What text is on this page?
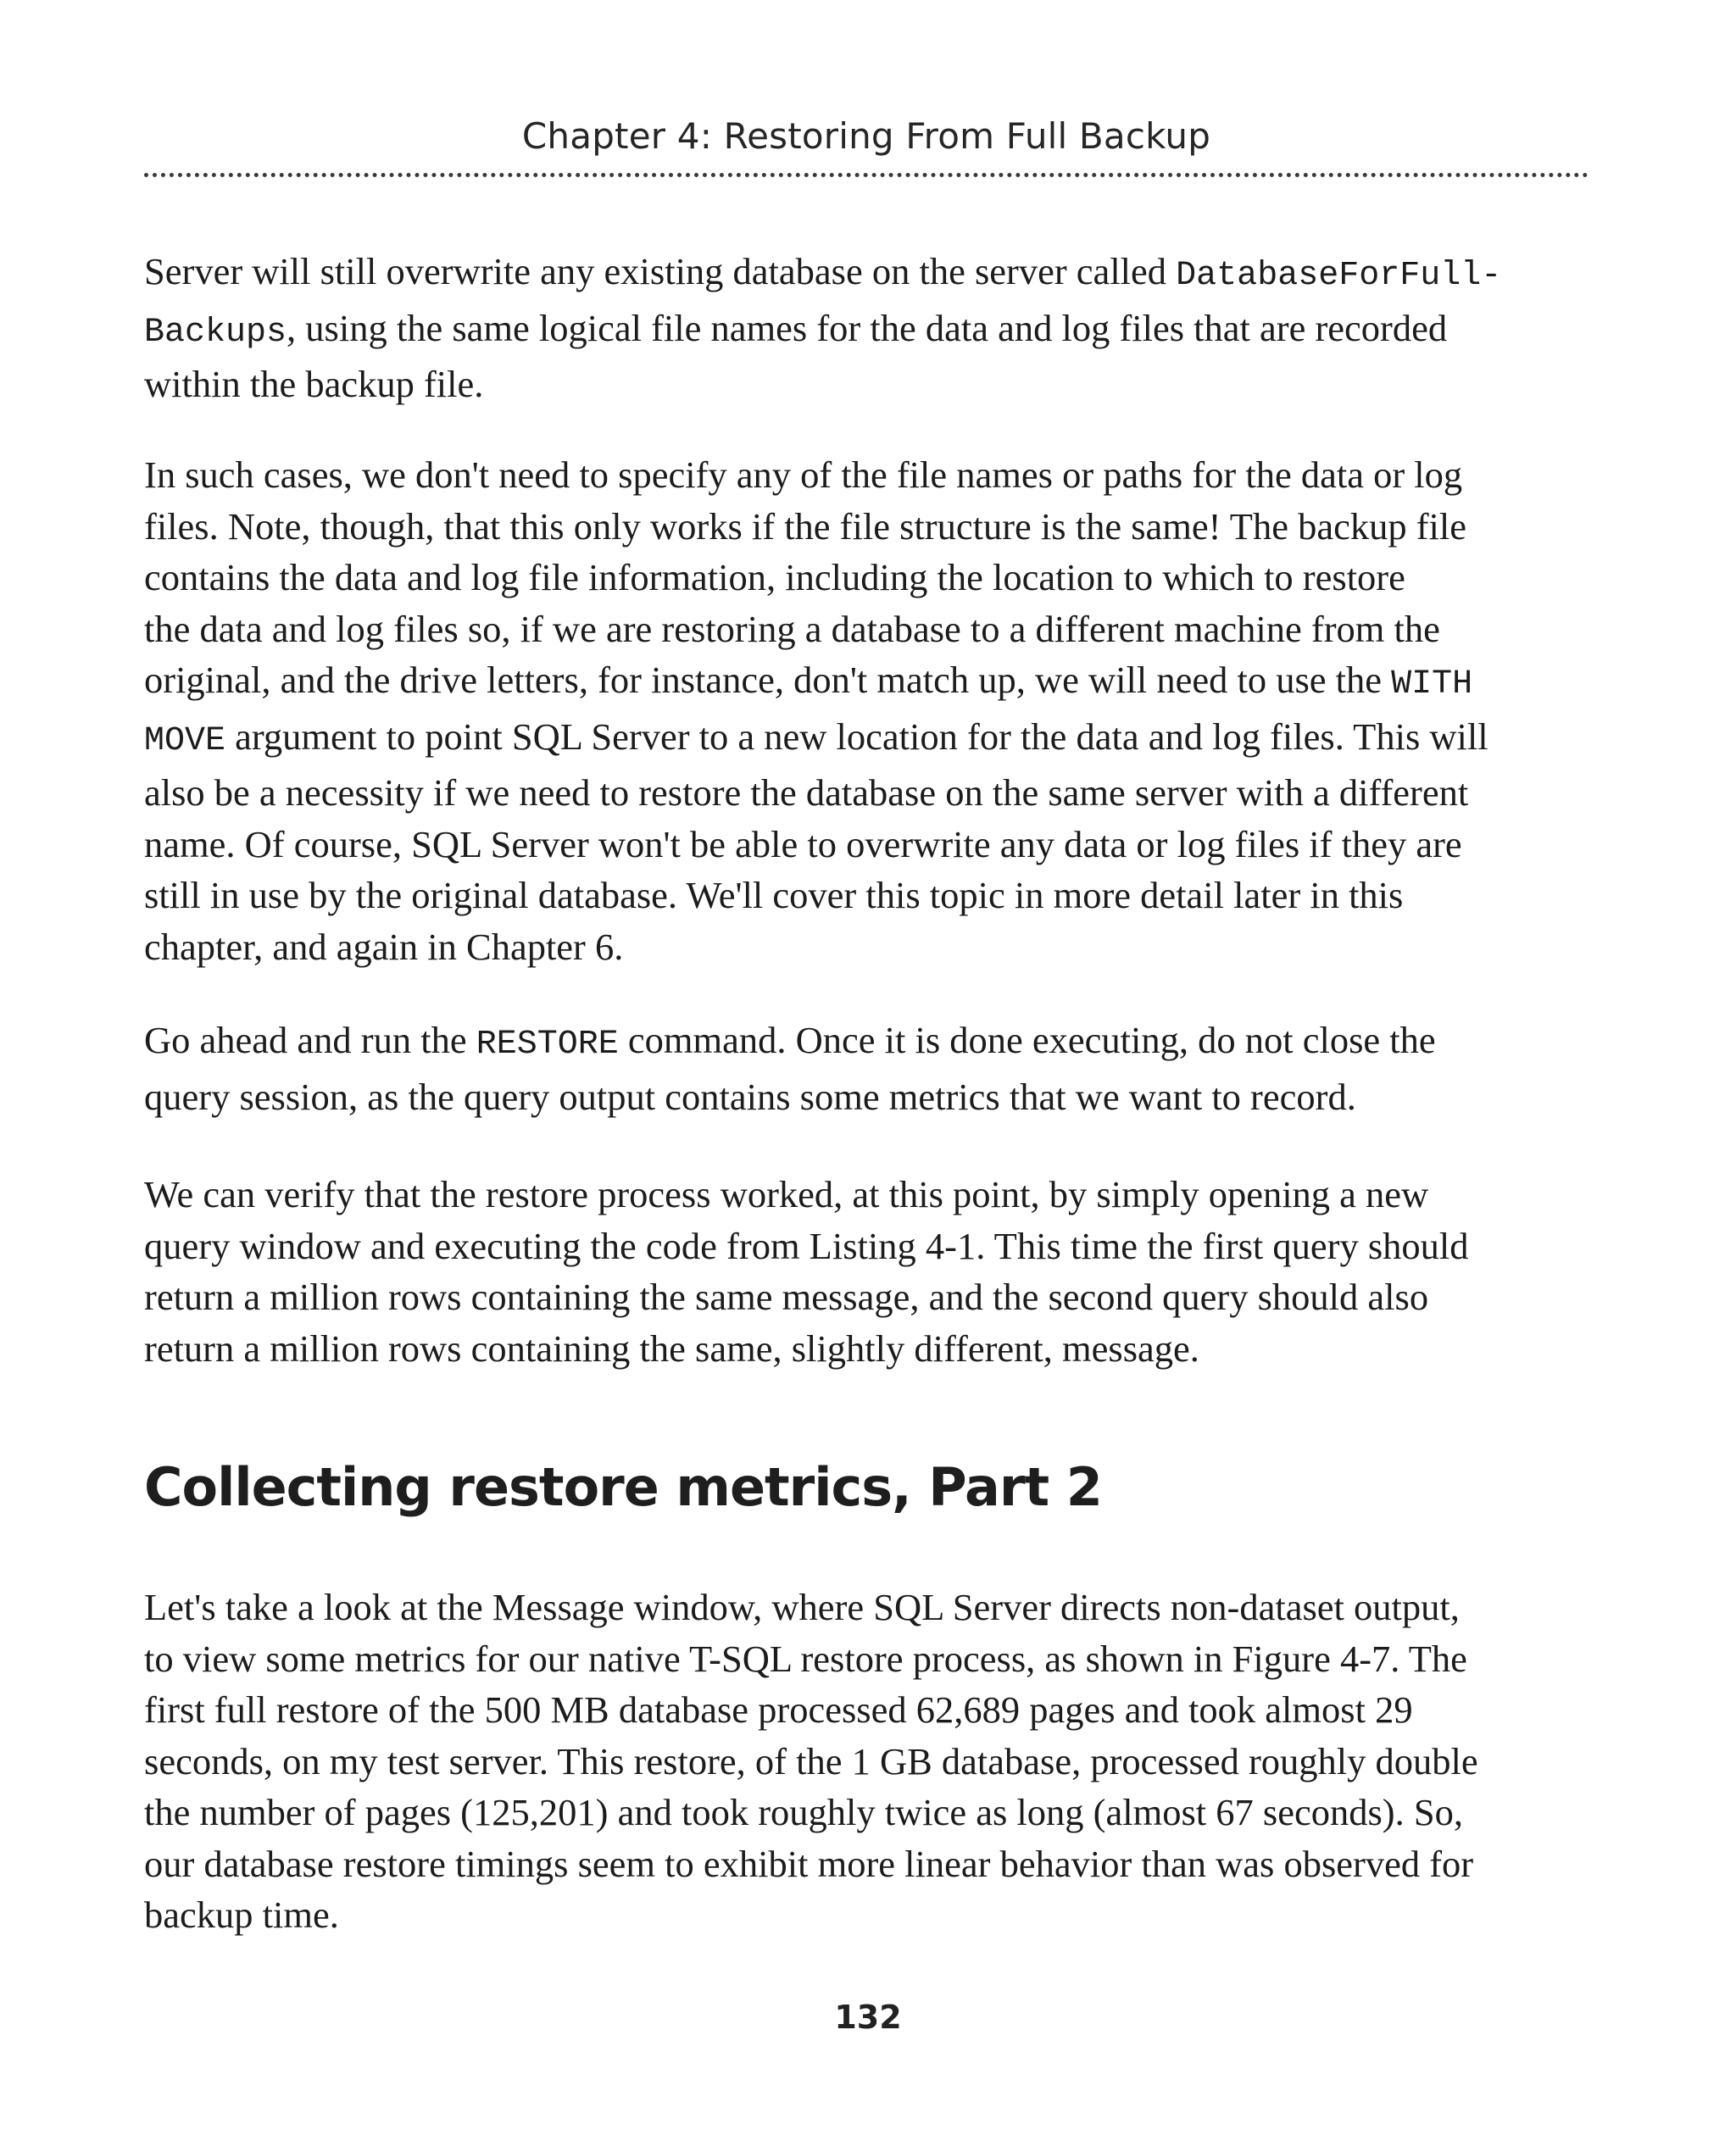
Chapter 4: Restoring From Full Backup

Server will still overwrite any existing database on the server called DatabaseForFull-
Backups, using the same logical file names for the data and log files that are recorded
within the backup file.

In such cases, we don't need to specify any of the file names or paths for the data or log
files. Note, though, that this only works if the file structure is the same! The backup file
contains the data and log file information, including the location to which to restore
the data and log files so, if we are restoring a database to a different machine from the
original, and the drive letters, for instance, don't match up, we will need to use the WITH
MOVE argument to point SQL Server to a new location for the data and log files. This will
also be a necessity if we need to restore the database on the same server with a different
name. Of course, SQL Server won't be able to overwrite any data or log files if they are
still in use by the original database. We'll cover this topic in more detail later in this
chapter, and again in Chapter 6.

Go ahead and run the RESTORE command. Once it is done executing, do not close the
query session, as the query output contains some metrics that we want to record.

We can verify that the restore process worked, at this point, by simply opening a new
query window and executing the code from Listing 4-1. This time the first query should
return a million rows containing the same message, and the second query should also
return a million rows containing the same, slightly different, message.

Collecting restore metrics, Part 2

Let's take a look at the Message window, where SQL Server directs non-dataset output,
to view some metrics for our native T-SQL restore process, as shown in Figure 4-7. The
first full restore of the 500 MB database processed 62,689 pages and took almost 29
seconds, on my test server. This restore, of the 1 GB database, processed roughly double
the number of pages (125,201) and took roughly twice as long (almost 67 seconds). So,
our database restore timings seem to exhibit more linear behavior than was observed for
backup time.

132
